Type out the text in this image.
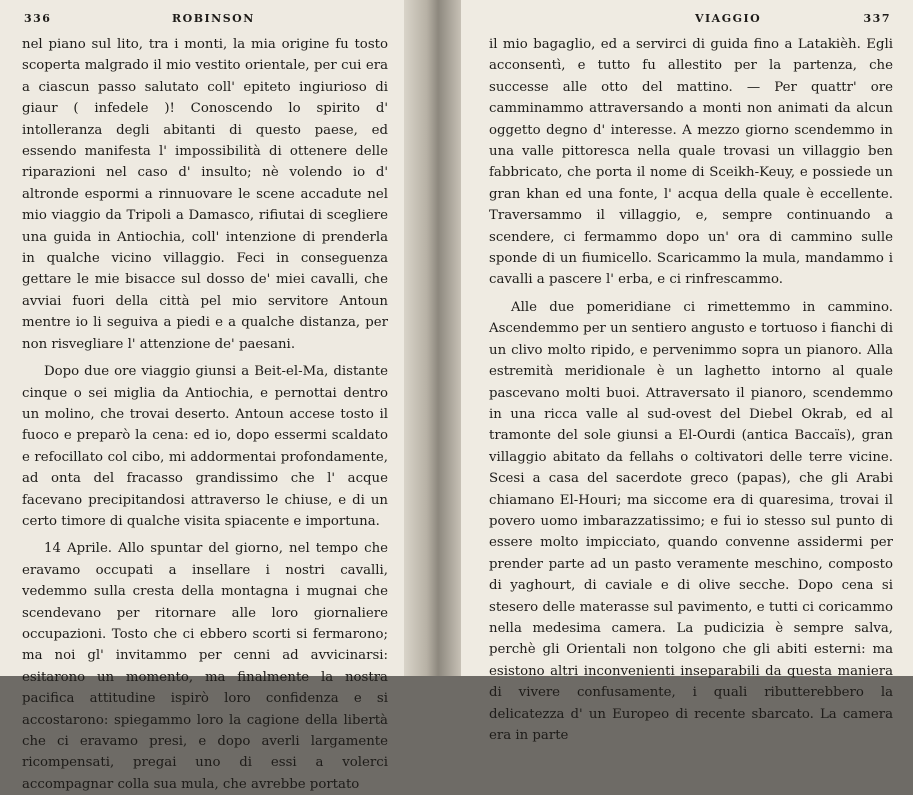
336	ROBINSON

nel piano sul lito, tra i monti, la mia origine fu tosto scoperta malgrado il mio vestito orientale, per cui era a ciascun passo salutato coll' epiteto ingiurioso di giaur ( infedele )! Conoscendo lo spirito d' intolleranza degli abitanti di questo paese, ed essendo manifesta l' impossibilità di ottenere delle riparazioni nel caso d' insulto; nè volendo io d' altronde espormi a rinnuovare le scene accadute nel mio viaggio da Tripoli a Damasco, rifiutai di scegliere una guida in Antiochia, coll' intenzione di prenderla in qualche vicino villaggio. Feci in conseguenza gettare le mie bisacce sul dosso de' miei cavalli, che avviai fuori della città pel mio servitore Antoun mentre io li seguiva a piedi e a qualche distanza, per non risvegliare l' attenzione de' paesani.

Dopo due ore viaggio giunsi a Beit-el-Ma, distante cinque o sei miglia da Antiochia, e pernottai dentro un molino, che trovai deserto. Antoun accese tosto il fuoco e preparò la cena: ed io, dopo essermi scaldato e refocillato col cibo, mi addormentai profondamente, ad onta del fracasso grandissimo che l' acque facevano precipitandosi attraverso le chiuse, e di un certo timore di qualche visita spiacente e importuna.

14 Aprile. Allo spuntar del giorno, nel tempo che eravamo occupati a insellare i nostri cavalli, vedemmo sulla cresta della montagna i mugnai che scendevano per ritornare alle loro giornaliere occupazioni. Tosto che ci ebbero scorti si fermarono; ma noi gl' invitammo per cenni ad avvicinarsi: esitarono un momento, ma finalmente la nostra pacifica attitudine ispirò loro confidenza e si accostarono: spiegammo loro la cagione della libertà che ci eravamo presi, e dopo averli largamente ricompensati, pregai uno di essi a volerci accompagnar colla sua mula, che avrebbe portato

VIAGGIO	337

il mio bagaglio, ed a servirci di guida fino a Latakièh. Egli acconsentì, e tutto fu allestito per la partenza, che successe alle otto del mattino. — Per quattr' ore camminammo attraversando a monti non animati da alcun oggetto degno d' interesse. A mezzo giorno scendemmo in una valle pittoresca nella quale trovasi un villaggio ben fabbricato, che porta il nome di Sceikh-Keuy, e possiede un gran khan ed una fonte, l' acqua della quale è eccellente. Traversammo il villaggio, e, sempre continuando a scendere, ci fermammo dopo un' ora di cammino sulle sponde di un fiumicello. Scaricammo la mula, mandammo i cavalli a pascere l' erba, e ci rinfrescammo.

Alle due pomeridiane ci rimettemmo in cammino. Ascendemmo per un sentiero angusto e tortuoso i fianchi di un clivo molto ripido, e pervenimmo sopra un pianoro. Alla estremità meridionale è un laghetto intorno al quale pascevano molti buoi. Attraversato il pianoro, scendemmo in una ricca valle al sud-ovest del Diebel Okrab, ed al tramonte del sole giunsi a El-Ourdi (antica Baccaïs), gran villaggio abitato da fellahs o coltivatori delle terre vicine. Scesi a casa del sacerdote greco (papas), che gli Arabi chiamano El-Houri; ma siccome era di quaresima, trovai il povero uomo imbarazzatissimo; e fui io stesso sul punto di essere molto impicciato, quando convenne assidermi per prender parte ad un pasto veramente meschino, composto di yaghourt, di caviale e di olive secche. Dopo cena si stesero delle materasse sul pavimento, e tutti ci coricammo nella medesima camera. La pudicizia è sempre salva, perchè gli Orientali non tolgono che gli abiti esterni: ma esistono altri inconvenienti inseparabili da questa maniera di vivere confusamente, i quali ributterebbero la delicatezza d' un Europeo di recente sbarcato. La camera era in parte
